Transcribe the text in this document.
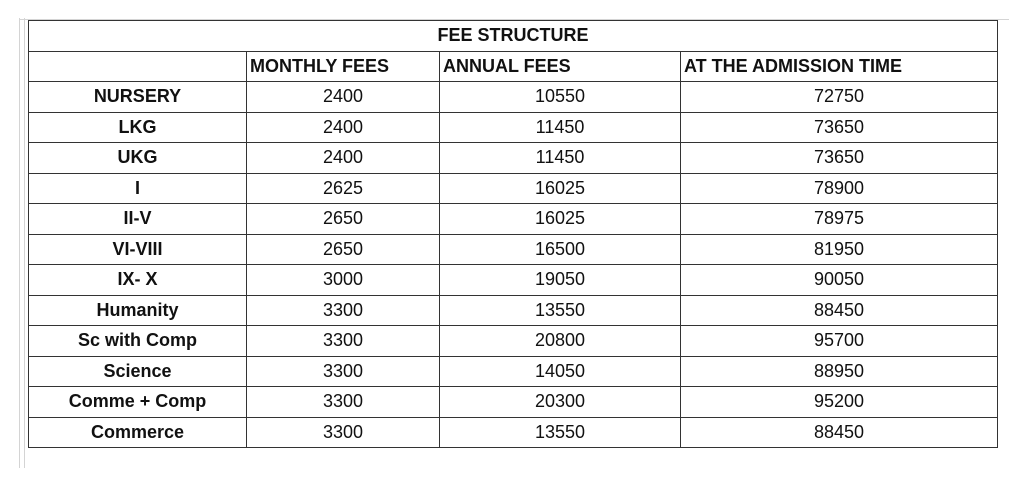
FEE STRUCTURE			
	MONTHLY FEES	ANNUAL FEES	AT THE ADMISSION TIME
NURSERY	2400	10550	72750
LKG	2400	11450	73650
UKG	2400	11450	73650
I	2625	16025	78900
II-V	2650	16025	78975
VI-VIII	2650	16500	81950
IX- X	3000	19050	90050
Humanity	3300	13550	88450
Sc with Comp	3300	20800	95700
Science	3300	14050	88950
Comme + Comp	3300	20300	95200
Commerce	3300	13550	88450
